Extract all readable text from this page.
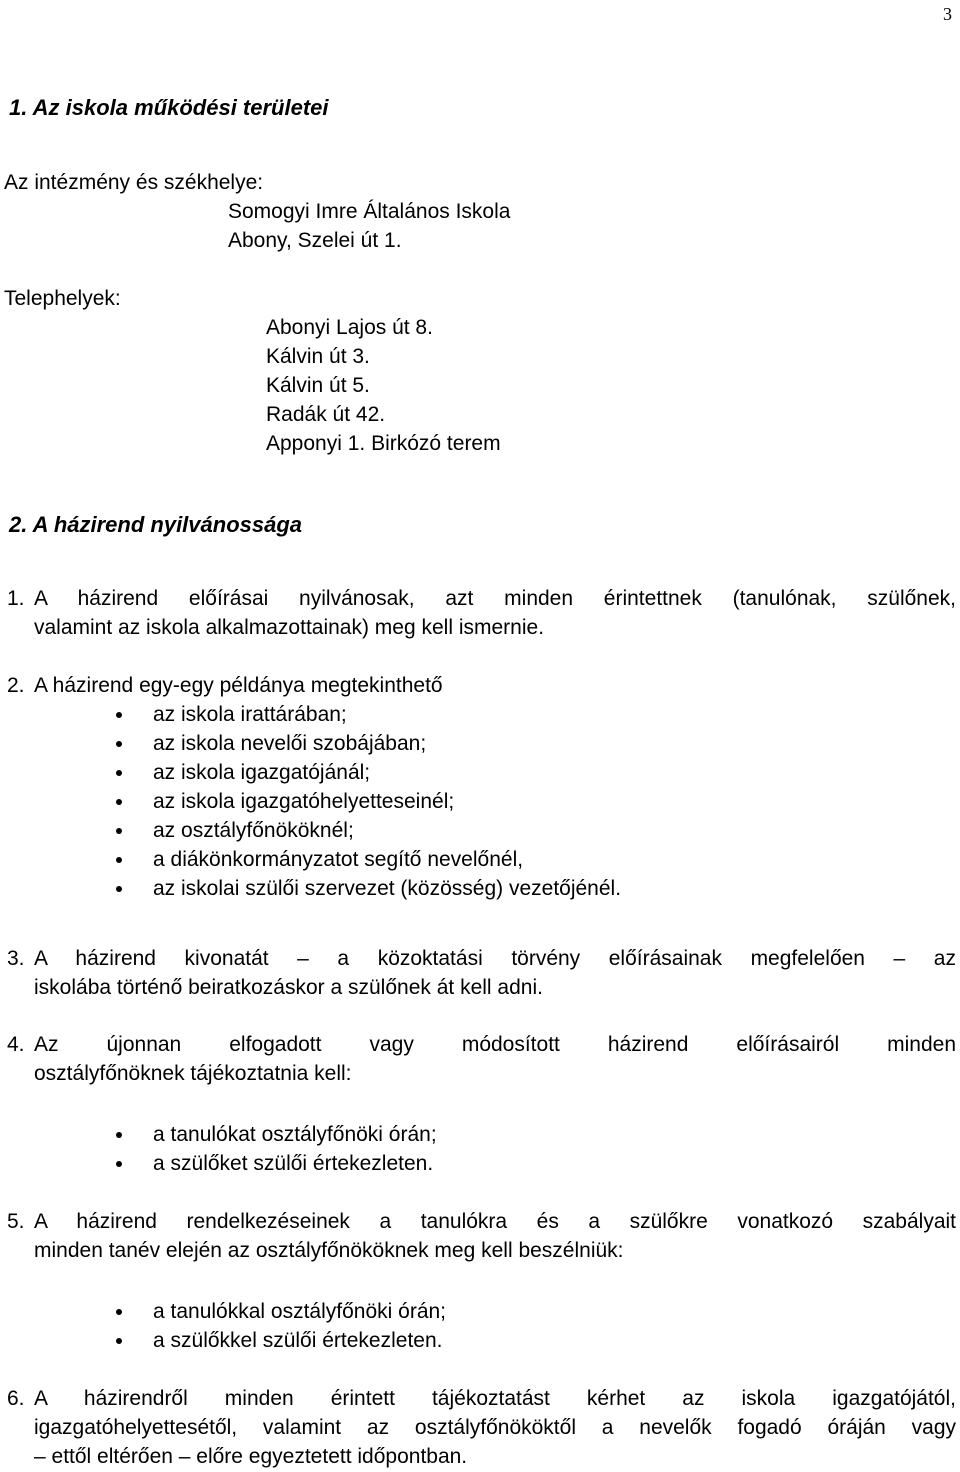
3
1. Az iskola működési területei
Az intézmény és székhelye:
Somogyi Imre Általános Iskola
Abony, Szelei út 1.
Telephelyek:
Abonyi Lajos út 8.
Kálvin út 3.
Kálvin út 5.
Radák út 42.
Apponyi 1. Birkózó terem
2. A házirend nyilvánossága
1. A házirend előírásai nyilvánosak, azt minden érintettnek (tanulónak, szülőnek,
valamint az iskola alkalmazottainak) meg kell ismernie.
2. A házirend egy-egy példánya megtekinthető
az iskola irattárában;
az iskola nevelői szobájában;
az iskola igazgatójánál;
az iskola igazgatóhelyetteseinél;
az osztályfőnököknél;
a diákönkormányzatot segítő nevelőnél,
az iskolai szülői szervezet (közösség) vezetőjénél.
3. A házirend kivonatát – a közoktatási törvény előírásainak megfelelően – az
iskolába történő beiratkozáskor a szülőnek át kell adni.
4. Az újonnan elfogadott vagy módosított házirend előírásairól minden
osztályfőnöknek tájékoztatnia kell:
a tanulókat osztályfőnöki órán;
a szülőket szülői értekezleten.
5. A házirend rendelkezéseinek a tanulókra és a szülőkre vonatkozó szabályait
minden tanév elején az osztályfőnököknek meg kell beszélniük:
a tanulókkal osztályfőnöki órán;
a szülőkkel szülői értekezleten.
6. A házirendről minden érintett tájékoztatást kérhet az iskola igazgatójától,
igazgatóhelyettesétől, valamint az osztályfőnököktől a nevelők fogadó óráján vagy
– ettől eltérően – előre egyeztetett időpontban.
